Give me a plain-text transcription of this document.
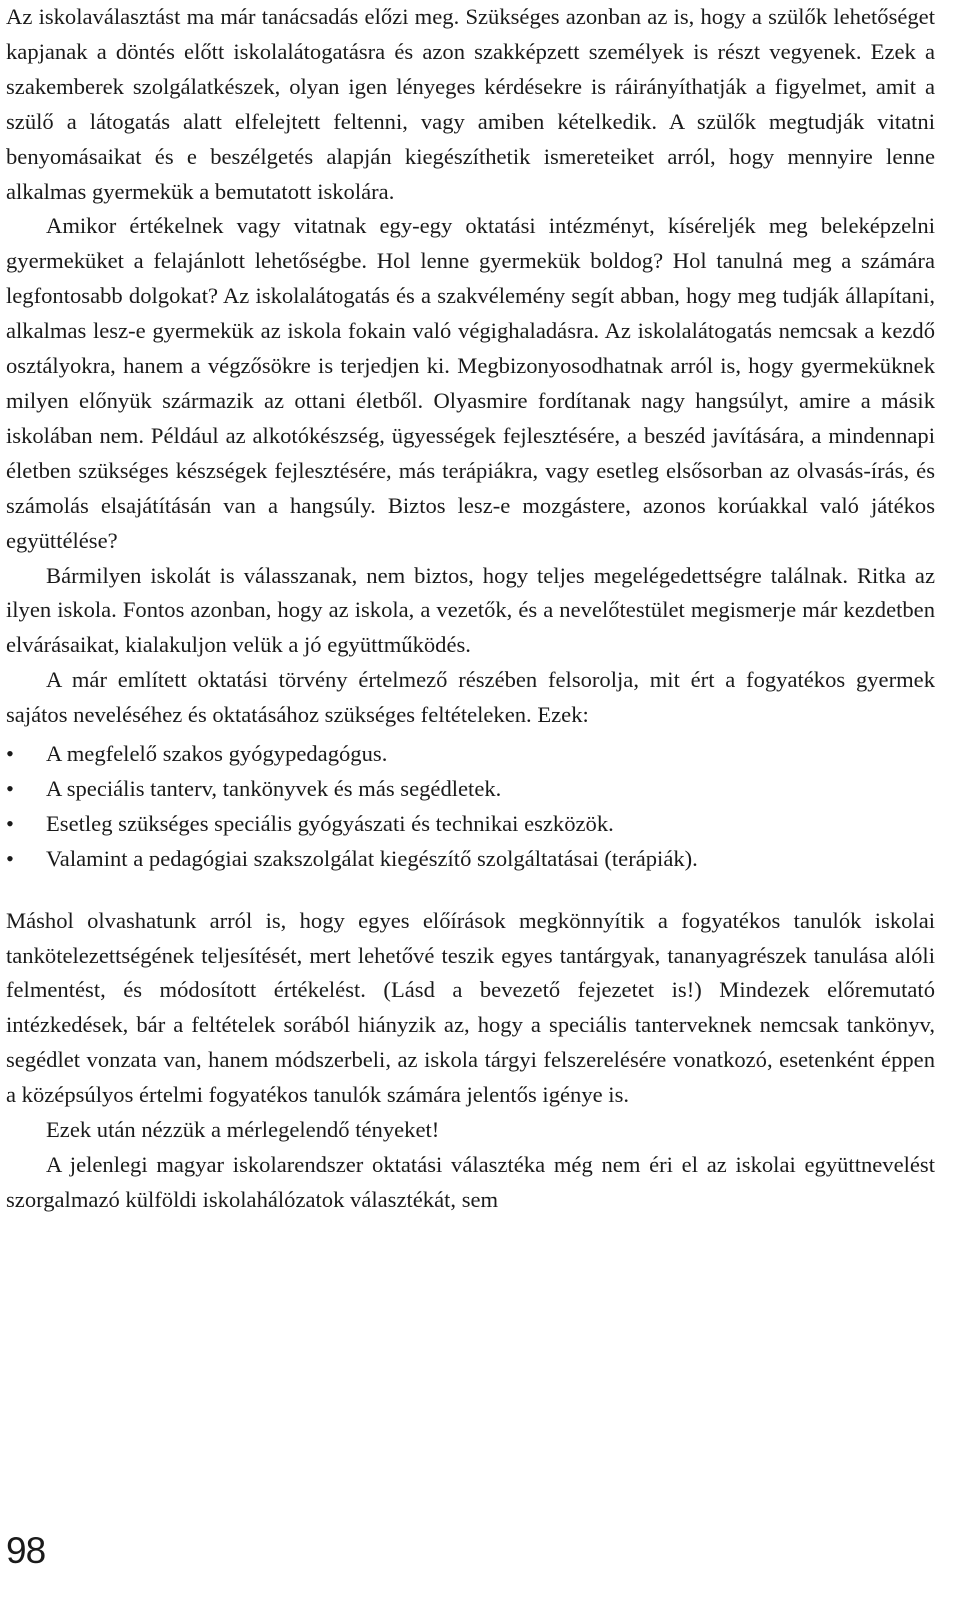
Az iskolaválasztást ma már tanácsadás előzi meg. Szükséges azonban az is, hogy a szülők lehetőséget kapjanak a döntés előtt iskolalátogatásra és azon szakképzett személyek is részt vegyenek. Ezek a szakemberek szolgálatkészek, olyan igen lényeges kérdésekre is ráirányíthatják a figyelmet, amit a szülő a látogatás alatt elfelejtett feltenni, vagy amiben kételkedik. A szülők megtudják vitatni benyomásaikat és e beszélgetés alapján kiegészíthetik ismereteiket arról, hogy mennyire lenne alkalmas gyermekük a bemutatott iskolára.

Amikor értékelnek vagy vitatnak egy-egy oktatási intézményt, kíséreljék meg beleképzelni gyermeküket a felajánlott lehetőségbe. Hol lenne gyermekük boldog? Hol tanulná meg a számára legfontosabb dolgokat? Az iskolalátogatás és a szakvélemény segít abban, hogy meg tudják állapítani, alkalmas lesz-e gyermekük az iskola fokain való végighaladásra. Az iskolalátogatás nemcsak a kezdő osztályokra, hanem a végzősökre is terjedjen ki. Megbizonyosodhatnak arról is, hogy gyermeküknek milyen előnyük származik az ottani életből. Olyasmire fordítanak nagy hangsúlyt, amire a másik iskolában nem. Például az alkotókészség, ügyességek fejlesztésére, a beszéd javítására, a mindennapi életben szükséges készségek fejlesztésére, más terápiákra, vagy esetleg elsősorban az olvasás-írás, és számolás elsajátításán van a hangsúly. Biztos lesz-e mozgástere, azonos korúakkal való játékos együttélése?

Bármilyen iskolát is válasszanak, nem biztos, hogy teljes megelégedettségre találnak. Ritka az ilyen iskola. Fontos azonban, hogy az iskola, a vezetők, és a nevelőtestület megismerje már kezdetben elvárásaikat, kialakuljon velük a jó együttműködés.

A már említett oktatási törvény értelmező részében felsorolja, mit ért a fogyatékos gyermek sajátos neveléséhez és oktatásához szükséges feltételeken. Ezek:

•	A megfelelő szakos gyógypedagógus.
•	A speciális tanterv, tankönyvek és más segédletek.
•	Esetleg szükséges speciális gyógyászati és technikai eszközök.
•	Valamint a pedagógiai szakszolgálat kiegészítő szolgáltatásai (terápiák).

Máshol olvashatunk arról is, hogy egyes előírások megkönnyítik a fogyatékos tanulók iskolai tankötelezettségének teljesítését, mert lehetővé teszik egyes tantárgyak, tananyagrészek tanulása alóli felmentést, és módosított értékelést. (Lásd a bevezető fejezetet is!) Mindezek előremutató intézkedések, bár a feltételek sorából hiányzik az, hogy a speciális tanterveknek nemcsak tankönyv, segédlet vonzata van, hanem módszerbeli, az iskola tárgyi felszerelésére vonatkozó, esetenként éppen a középsúlyos értelmi fogyatékos tanulók számára jelentős igénye is.

Ezek után nézzük a mérlegelendő tényeket!

A jelenlegi magyar iskolarendszer oktatási választéka még nem éri el az iskolai együttnevelést szorgalmazó külföldi iskolahálózatok választékát, sem

98
